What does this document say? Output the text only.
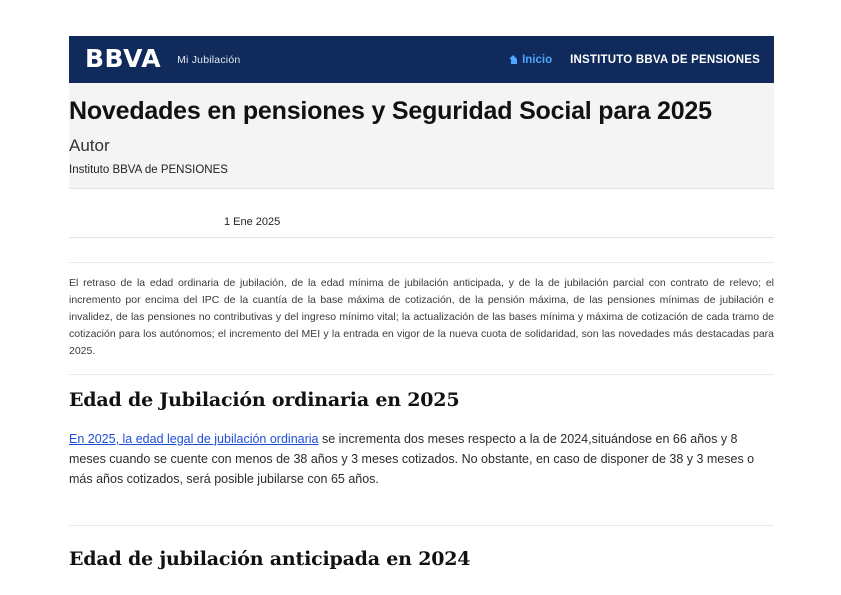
BBVA Mi Jubilación	Inicio INSTITUTO BBVA DE PENSIONES
Novedades en pensiones y Seguridad Social para 2025
Autor
Instituto BBVA de PENSIONES
1 Ene 2025
El retraso de la edad ordinaria de jubilación, de la edad mínima de jubilación anticipada, y de la de jubilación parcial con contrato de relevo; el incremento por encima del IPC de la cuantía de la base máxima de cotización, de la pensión máxima, de las pensiones mínimas de jubilación e invalidez, de las pensiones no contributivas y del ingreso mínimo vital; la actualización de las bases mínima y máxima de cotización de cada tramo de cotización para los autónomos; el incremento del MEI y la entrada en vigor de la nueva cuota de solidaridad, son las novedades más destacadas para 2025.
Edad de Jubilación ordinaria en 2025

En 2025, la edad legal de jubilación ordinaria se incrementa dos meses respecto a la de 2024,situándose en 66 años y 8 meses cuando se cuente con menos de 38 años y 3 meses cotizados. No obstante, en caso de disponer de 38 y 3 meses o más años cotizados, será posible jubilarse con 65 años.

Edad de jubilación anticipada en 2024
